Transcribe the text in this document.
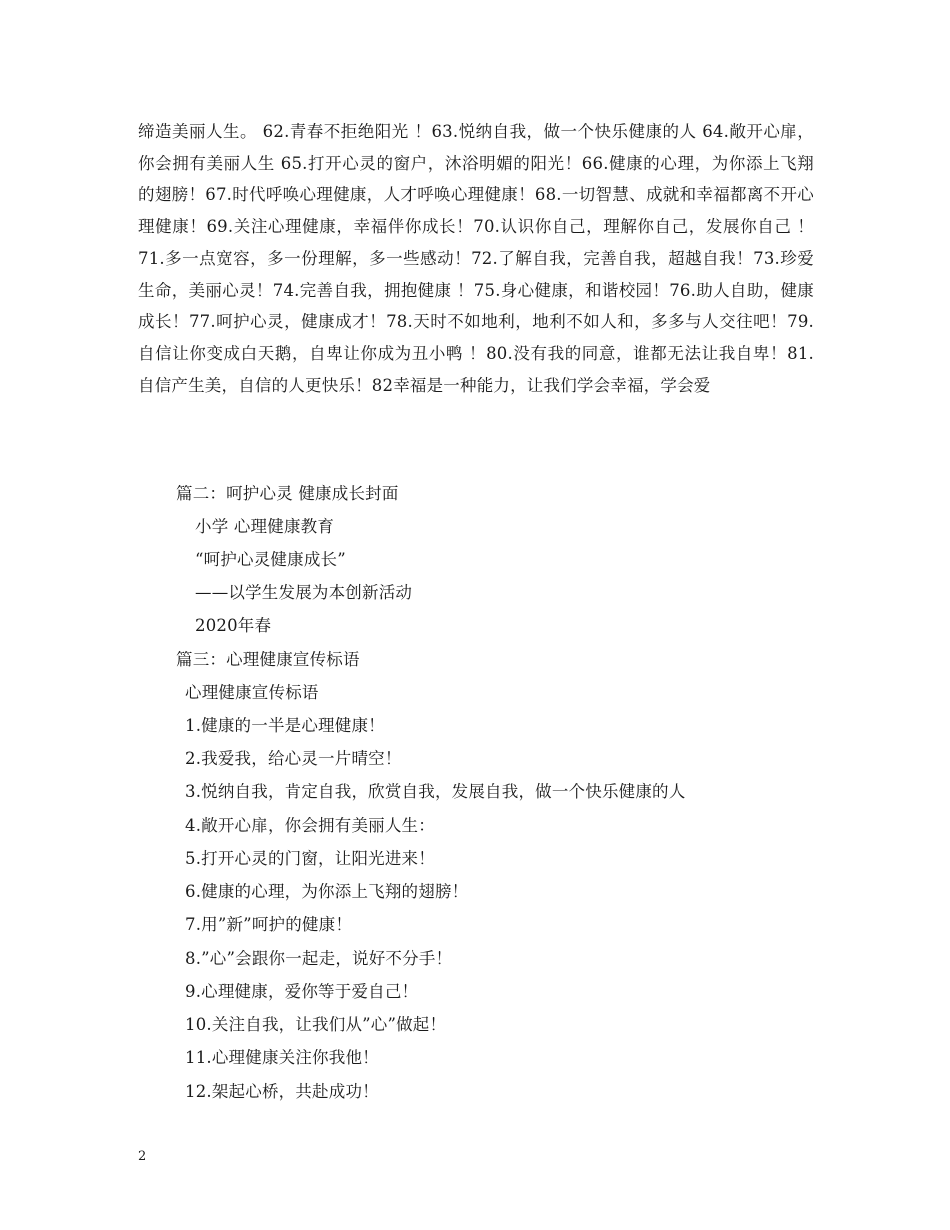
缔造美丽人生。 62.青春不拒绝阳光 ！63.悦纳自我，做一个快乐健康的人 64.敞开心扉，你会拥有美丽人生 65.打开心灵的窗户，沐浴明媚的阳光！66.健康的心理，为你添上飞翔的翅膀！67.时代呼唤心理健康，人才呼唤心理健康！68.一切智慧、成就和幸福都离不开心理健康！69.关注心理健康，幸福伴你成长！70.认识你自己，理解你自己，发展你自己 ！71.多一点宽容，多一份理解，多一些感动！72.了解自我，完善自我，超越自我！73.珍爱生命，美丽心灵！74.完善自我，拥抱健康 ！75.身心健康，和谐校园！76.助人自助，健康成长！77.呵护心灵，健康成才！78.天时不如地利，地利不如人和，多多与人交往吧！79.自信让你变成白天鹅，自卑让你成为丑小鸭 ！80.没有我的同意，谁都无法让我自卑！81.自信产生美，自信的人更快乐！82幸福是一种能力，让我们学会幸福，学会爱

篇二：呵护心灵 健康成长封面
小学 心理健康教育
“呵护心灵健康成长”
——以学生发展为本创新活动
2020年春
篇三：心理健康宣传标语
心理健康宣传标语
1.健康的一半是心理健康！
2.我爱我，给心灵一片晴空！
3.悦纳自我，肯定自我，欣赏自我，发展自我，做一个快乐健康的人
4.敞开心扉，你会拥有美丽人生：
5.打开心灵的门窗，让阳光进来！
6.健康的心理，为你添上飞翔的翅膀！
7.用”新”呵护的健康！
8.”心”会跟你一起走，说好不分手！
9.心理健康，爱你等于爱自己！
10.关注自我，让我们从”心”做起！
11.心理健康关注你我他！
12.架起心桥，共赴成功！
2
